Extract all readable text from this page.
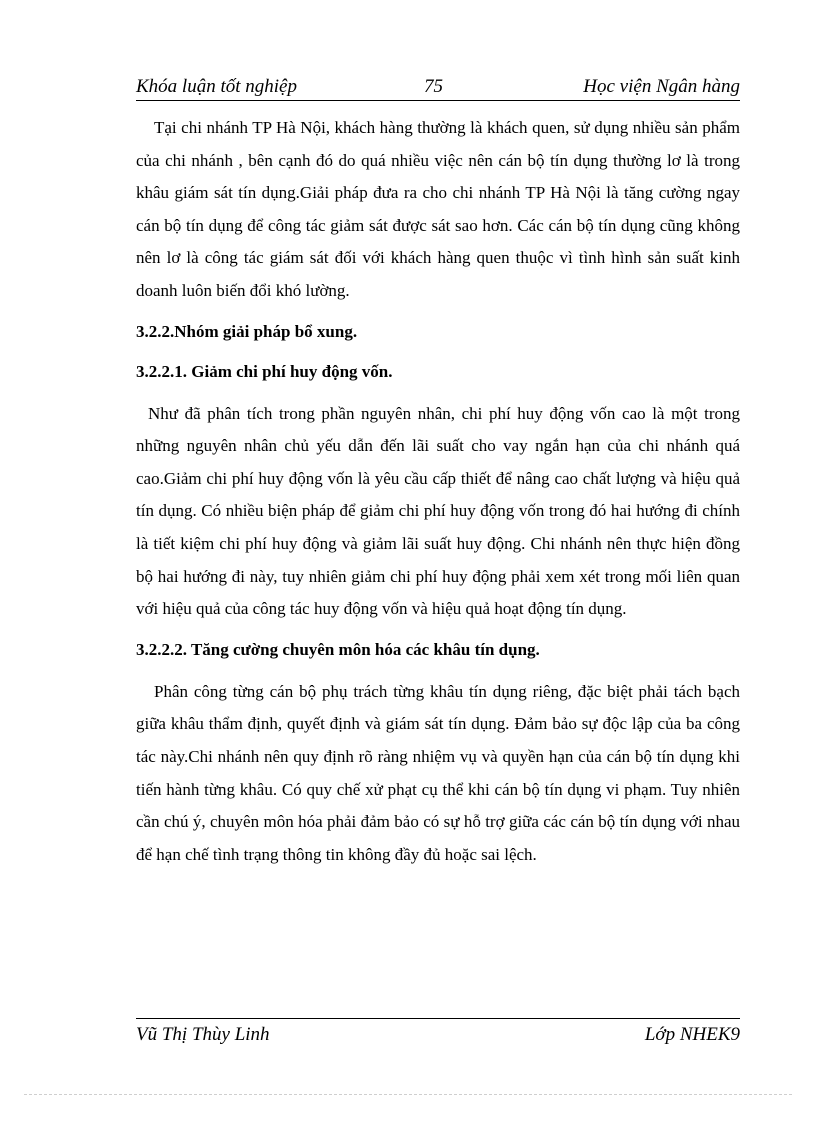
Khóa luận tốt nghiệp	75	Học viện Ngân hàng

Tại chi nhánh TP Hà Nội, khách hàng thường là khách quen, sử dụng nhiều sản phẩm của chi nhánh , bên cạnh đó do quá nhiều việc nên cán bộ tín dụng thường lơ là trong khâu giám sát tín dụng.Giải pháp đưa ra cho chi nhánh TP Hà Nội là tăng cường ngay cán bộ tín dụng để công tác giảm sát được sát sao hơn. Các cán bộ tín dụng cũng không nên lơ là công tác giám sát đối với khách hàng quen thuộc vì tình hình sản suất kinh doanh luôn biến đổi khó lường.

3.2.2.Nhóm giải pháp bổ xung.

3.2.2.1. Giảm chi phí huy động vốn.

Như đã phân tích trong phần nguyên nhân, chi phí huy động vốn cao là một trong những nguyên nhân chủ yếu dẫn đến lãi suất cho vay ngắn hạn của chi nhánh quá cao.Giảm chi phí huy động vốn là yêu cầu cấp thiết để nâng cao chất lượng và hiệu quả tín dụng. Có nhiều biện pháp để giảm chi phí huy động vốn trong đó hai hướng đi chính là tiết kiệm chi phí huy động và giảm lãi suất huy động. Chi nhánh nên thực hiện đồng bộ hai hướng đi này, tuy nhiên giảm chi phí huy động phải xem xét trong mối liên quan với hiệu quả của công tác huy động vốn và hiệu quả hoạt động tín dụng.

3.2.2.2. Tăng cường chuyên môn hóa các khâu tín dụng.

Phân công từng cán bộ phụ trách từng khâu tín dụng riêng, đặc biệt phải tách bạch giữa khâu thẩm định, quyết định và giám sát tín dụng. Đảm bảo sự độc lập của ba công tác này.Chi nhánh nên quy định rõ ràng nhiệm vụ và quyền hạn của cán bộ tín dụng khi tiến hành từng khâu. Có quy chế xử phạt cụ thể khi cán bộ tín dụng vi phạm. Tuy nhiên cần chú ý, chuyên môn hóa phải đảm bảo có sự hỗ trợ giữa các cán bộ tín dụng với nhau để hạn chế tình trạng thông tin không đầy đủ hoặc sai lệch.

Vũ Thị Thùy Linh	Lớp NHEK9
